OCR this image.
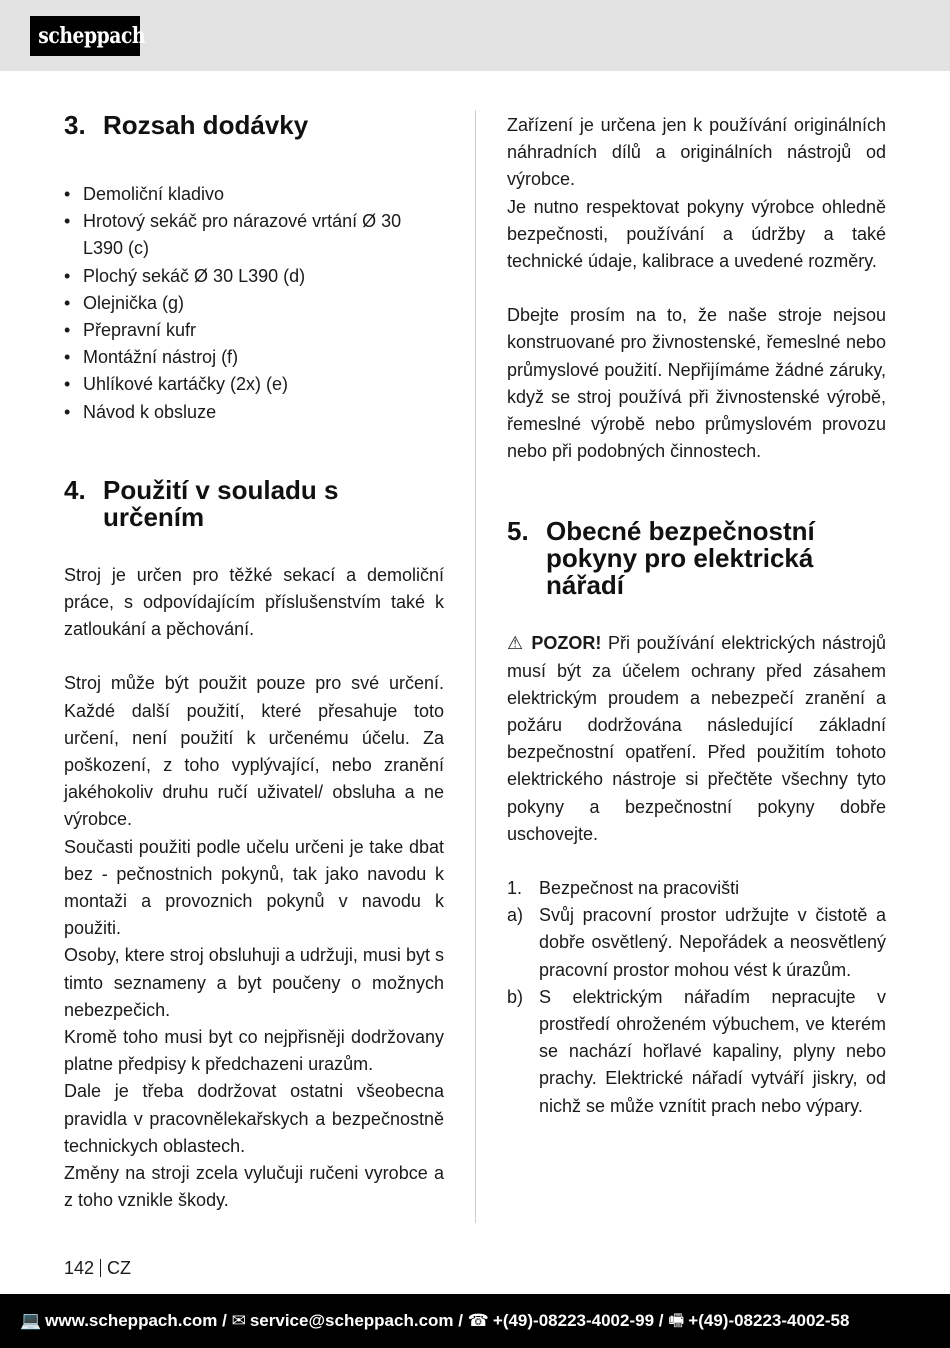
scheppach
3. Rozsah dodávky
• Demoliční kladivo
• Hrotový sekáč pro nárazové vrtání Ø 30 L390 (c)
• Plochý sekáč Ø 30 L390 (d)
• Olejnička (g)
• Přepravní kufr
• Montážní nástroj (f)
• Uhlíkové kartáčky (2x) (e)
• Návod k obsluze
4. Použití v souladu s určením

Stroj je určen pro těžké sekací a demoliční práce, s odpovídajícím příslušenstvím také k zatloukání a pěchování.

Stroj může být použit pouze pro své určení. Každé další použití, které přesahuje toto určení, není použití k určenému účelu. Za poškození, z toho vyplývající, nebo zranění jakéhokoliv druhu ručí uživatel/ obsluha a ne výrobce.

Současti použiti podle učelu určeni je take dbat bez - pečnostnich pokynů, tak jako navodu k montaži a provoznich pokynů v navodu k použiti.

Osoby, ktere stroj obsluhuji a udržuji, musi byt s timto seznameny a byt poučeny o možnych nebezpečich.

Kromě toho musi byt co nejpřisněji dodržovany platne předpisy k předchazeni urazům.

Dale je třeba dodržovat ostatni všeobecna pravidla v pracovnělekařskych a bezpečnostně technickych oblastech.

Změny na stroji zcela vylučuji ručeni vyrobce a z toho vznikle škody.

Zařízení je určena jen k používání originálních náhradních dílů a originálních nástrojů od výrobce.

Je nutno respektovat pokyny výrobce ohledně bezpečnosti, používání a údržby a také technické údaje, kalibrace a uvedené rozměry.

Dbejte prosím na to, že naše stroje nejsou konstruované pro živnostenské, řemeslné nebo průmyslové použití. Nepřijímáme žádné záruky, když se stroj používá při živnostenské výrobě, řemeslné výrobě nebo průmyslovém provozu nebo při podobných činnostech.

5. Obecné bezpečnostní pokyny pro elektrická nářadí

⚠ POZOR! Při používání elektrických nástrojů musí být za účelem ochrany před zásahem elektrickým proudem a nebezpečí zranění a požáru dodržována následující základní bezpečnostní opatření. Před použitím tohoto elektrického nástroje si přečtěte všechny tyto pokyny a bezpečnostní pokyny dobře uschovejte.

1. Bezpečnost na pracovišti
a) Svůj pracovní prostor udržujte v čistotě a dobře osvětlený. Nepořádek a neosvětlený pracovní prostor mohou vést k úrazům.
b) S elektrickým nářadím nepracujte v prostředí ohroženém výbuchem, ve kterém se nachází hořlavé kapaliny, plyny nebo prachy. Elektrické nářadí vytváří jiskry, od nichž se může vznítit prach nebo výpary.
142 CZ
💻 www.scheppach.com / ✉ service@scheppach.com / ☎ +(49)-08223-4002-99 / 🖷 +(49)-08223-4002-58
